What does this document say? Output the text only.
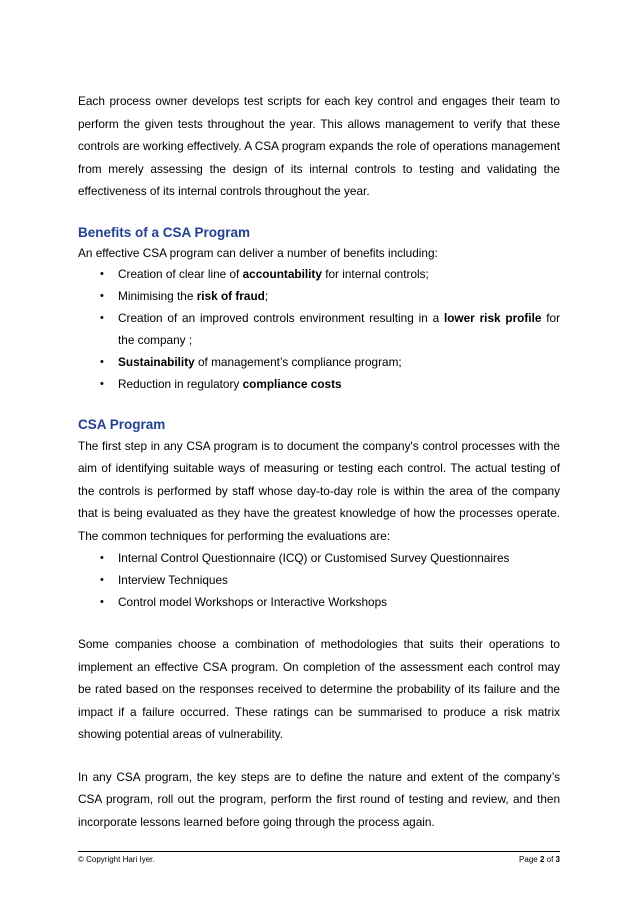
Each process owner develops test scripts for each key control and engages their team to perform the given tests throughout the year. This allows management to verify that these controls are working effectively. A CSA program expands the role of operations management from merely assessing the design of its internal controls to testing and validating the effectiveness of its internal controls throughout the year.

Benefits of a CSA Program

An effective CSA program can deliver a number of benefits including:

• Creation of clear line of accountability for internal controls;
• Minimising the risk of fraud;
• Creation of an improved controls environment resulting in a lower risk profile for the company ;
• Sustainability of management’s compliance program;
• Reduction in regulatory compliance costs
CSA Program

The first step in any CSA program is to document the company's control processes with the aim of identifying suitable ways of measuring or testing each control. The actual testing of the controls is performed by staff whose day-to-day role is within the area of the company that is being evaluated as they have the greatest knowledge of how the processes operate. The common techniques for performing the evaluations are:

• Internal Control Questionnaire (ICQ) or Customised Survey Questionnaires
• Interview Techniques
• Control model Workshops or Interactive Workshops

Some companies choose a combination of methodologies that suits their operations to implement an effective CSA program. On completion of the assessment each control may be rated based on the responses received to determine the probability of its failure and the impact if a failure occurred. These ratings can be summarised to produce a risk matrix showing potential areas of vulnerability.

In any CSA program, the key steps are to define the nature and extent of the company’s CSA program, roll out the program, perform the first round of testing and review, and then incorporate lessons learned before going through the process again.

© Copyright Hari Iyer.	Page 2 of 3
